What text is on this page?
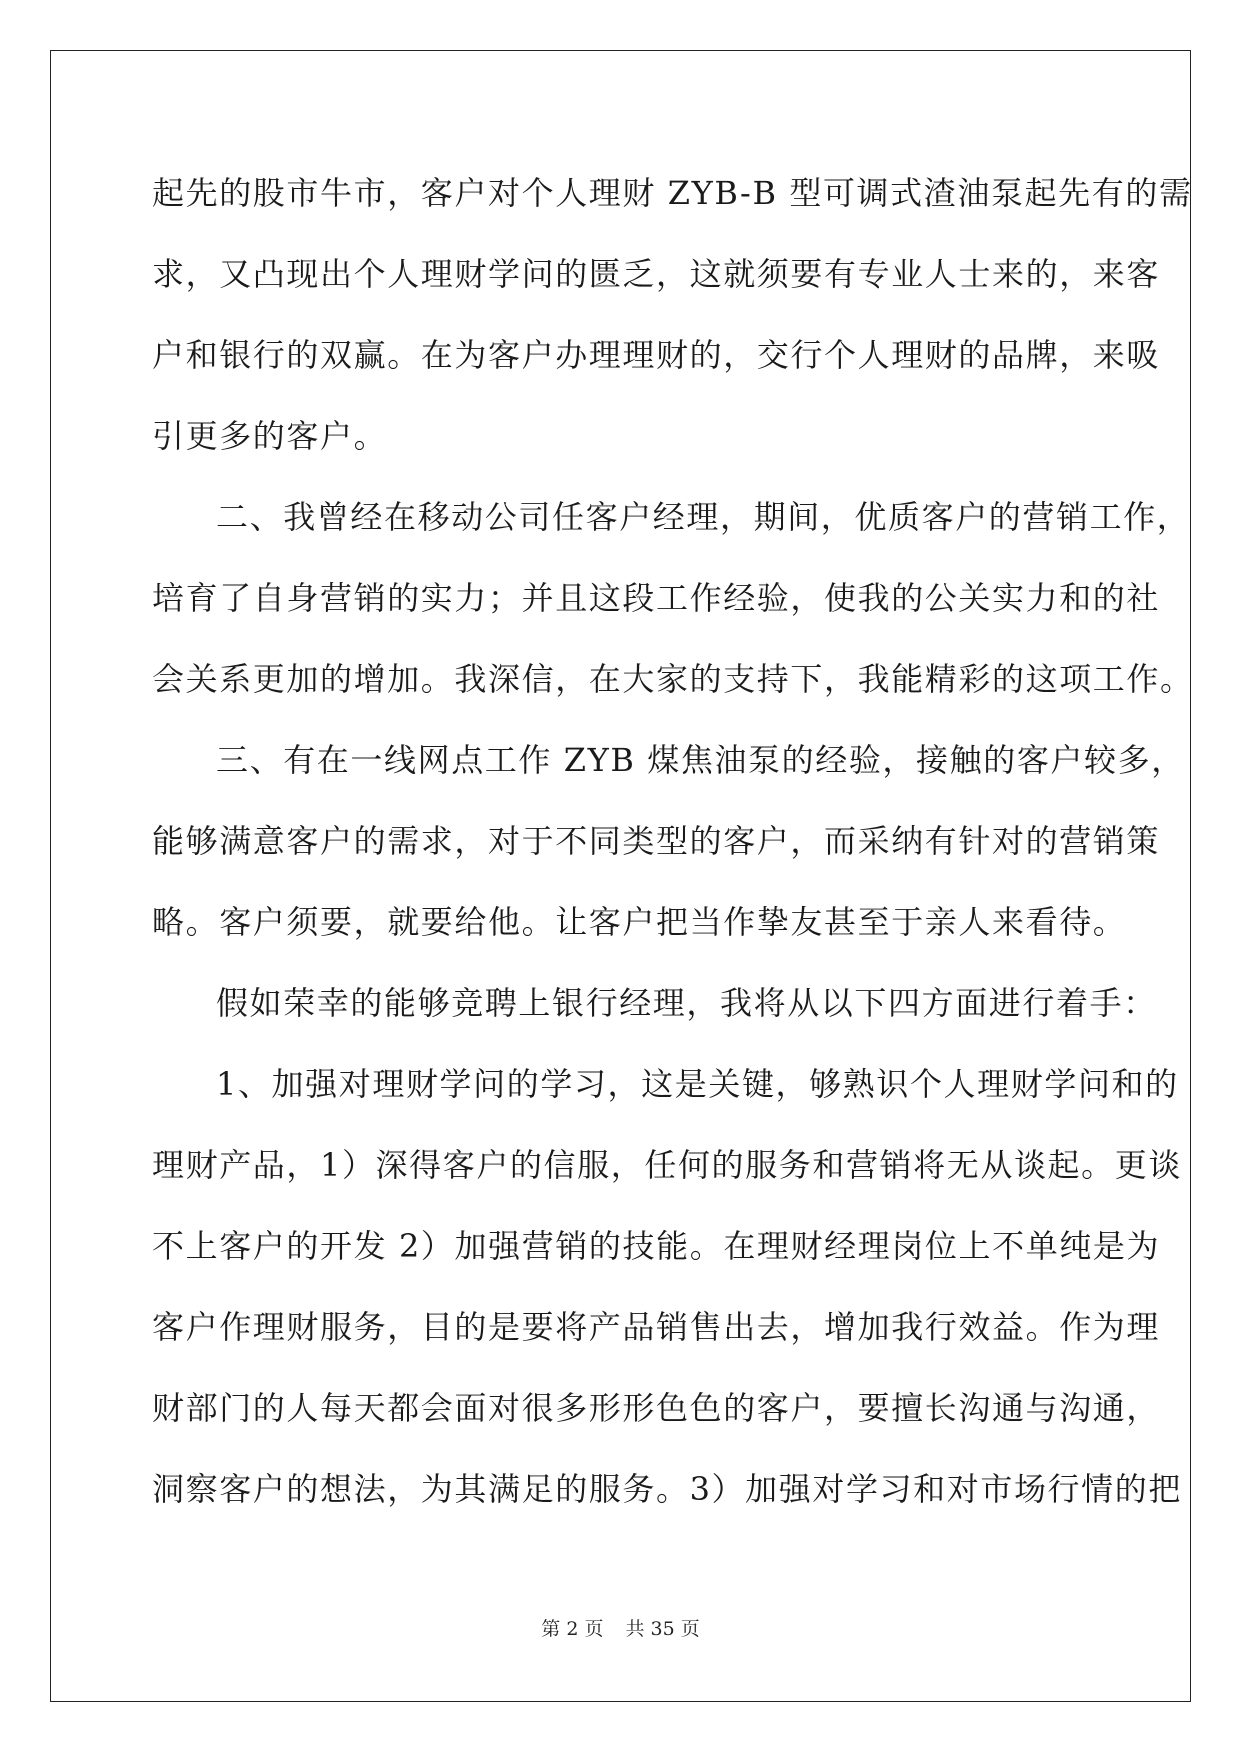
起先的股市牛市，客户对个人理财 ZYB-B 型可调式渣油泵起先有的需
求，又凸现出个人理财学问的匮乏，这就须要有专业人士来的，来客
户和银行的双赢。在为客户办理理财的，交行个人理财的品牌，来吸
引更多的客户。
二、我曾经在移动公司任客户经理，期间，优质客户的营销工作，
培育了自身营销的实力；并且这段工作经验，使我的公关实力和的社
会关系更加的增加。我深信，在大家的支持下，我能精彩的这项工作。
三、有在一线网点工作 ZYB 煤焦油泵的经验，接触的客户较多，
能够满意客户的需求，对于不同类型的客户，而采纳有针对的营销策
略。客户须要，就要给他。让客户把当作挚友甚至于亲人来看待。
假如荣幸的能够竞聘上银行经理，我将从以下四方面进行着手：
1、加强对理财学问的学习，这是关键，够熟识个人理财学问和的
理财产品，1）深得客户的信服，任何的服务和营销将无从谈起。更谈
不上客户的开发 2）加强营销的技能。在理财经理岗位上不单纯是为
客户作理财服务，目的是要将产品销售出去，增加我行效益。作为理
财部门的人每天都会面对很多形形色色的客户，要擅长沟通与沟通，
洞察客户的想法，为其满足的服务。3）加强对学习和对市场行情的把
第 2 页 共 35 页
